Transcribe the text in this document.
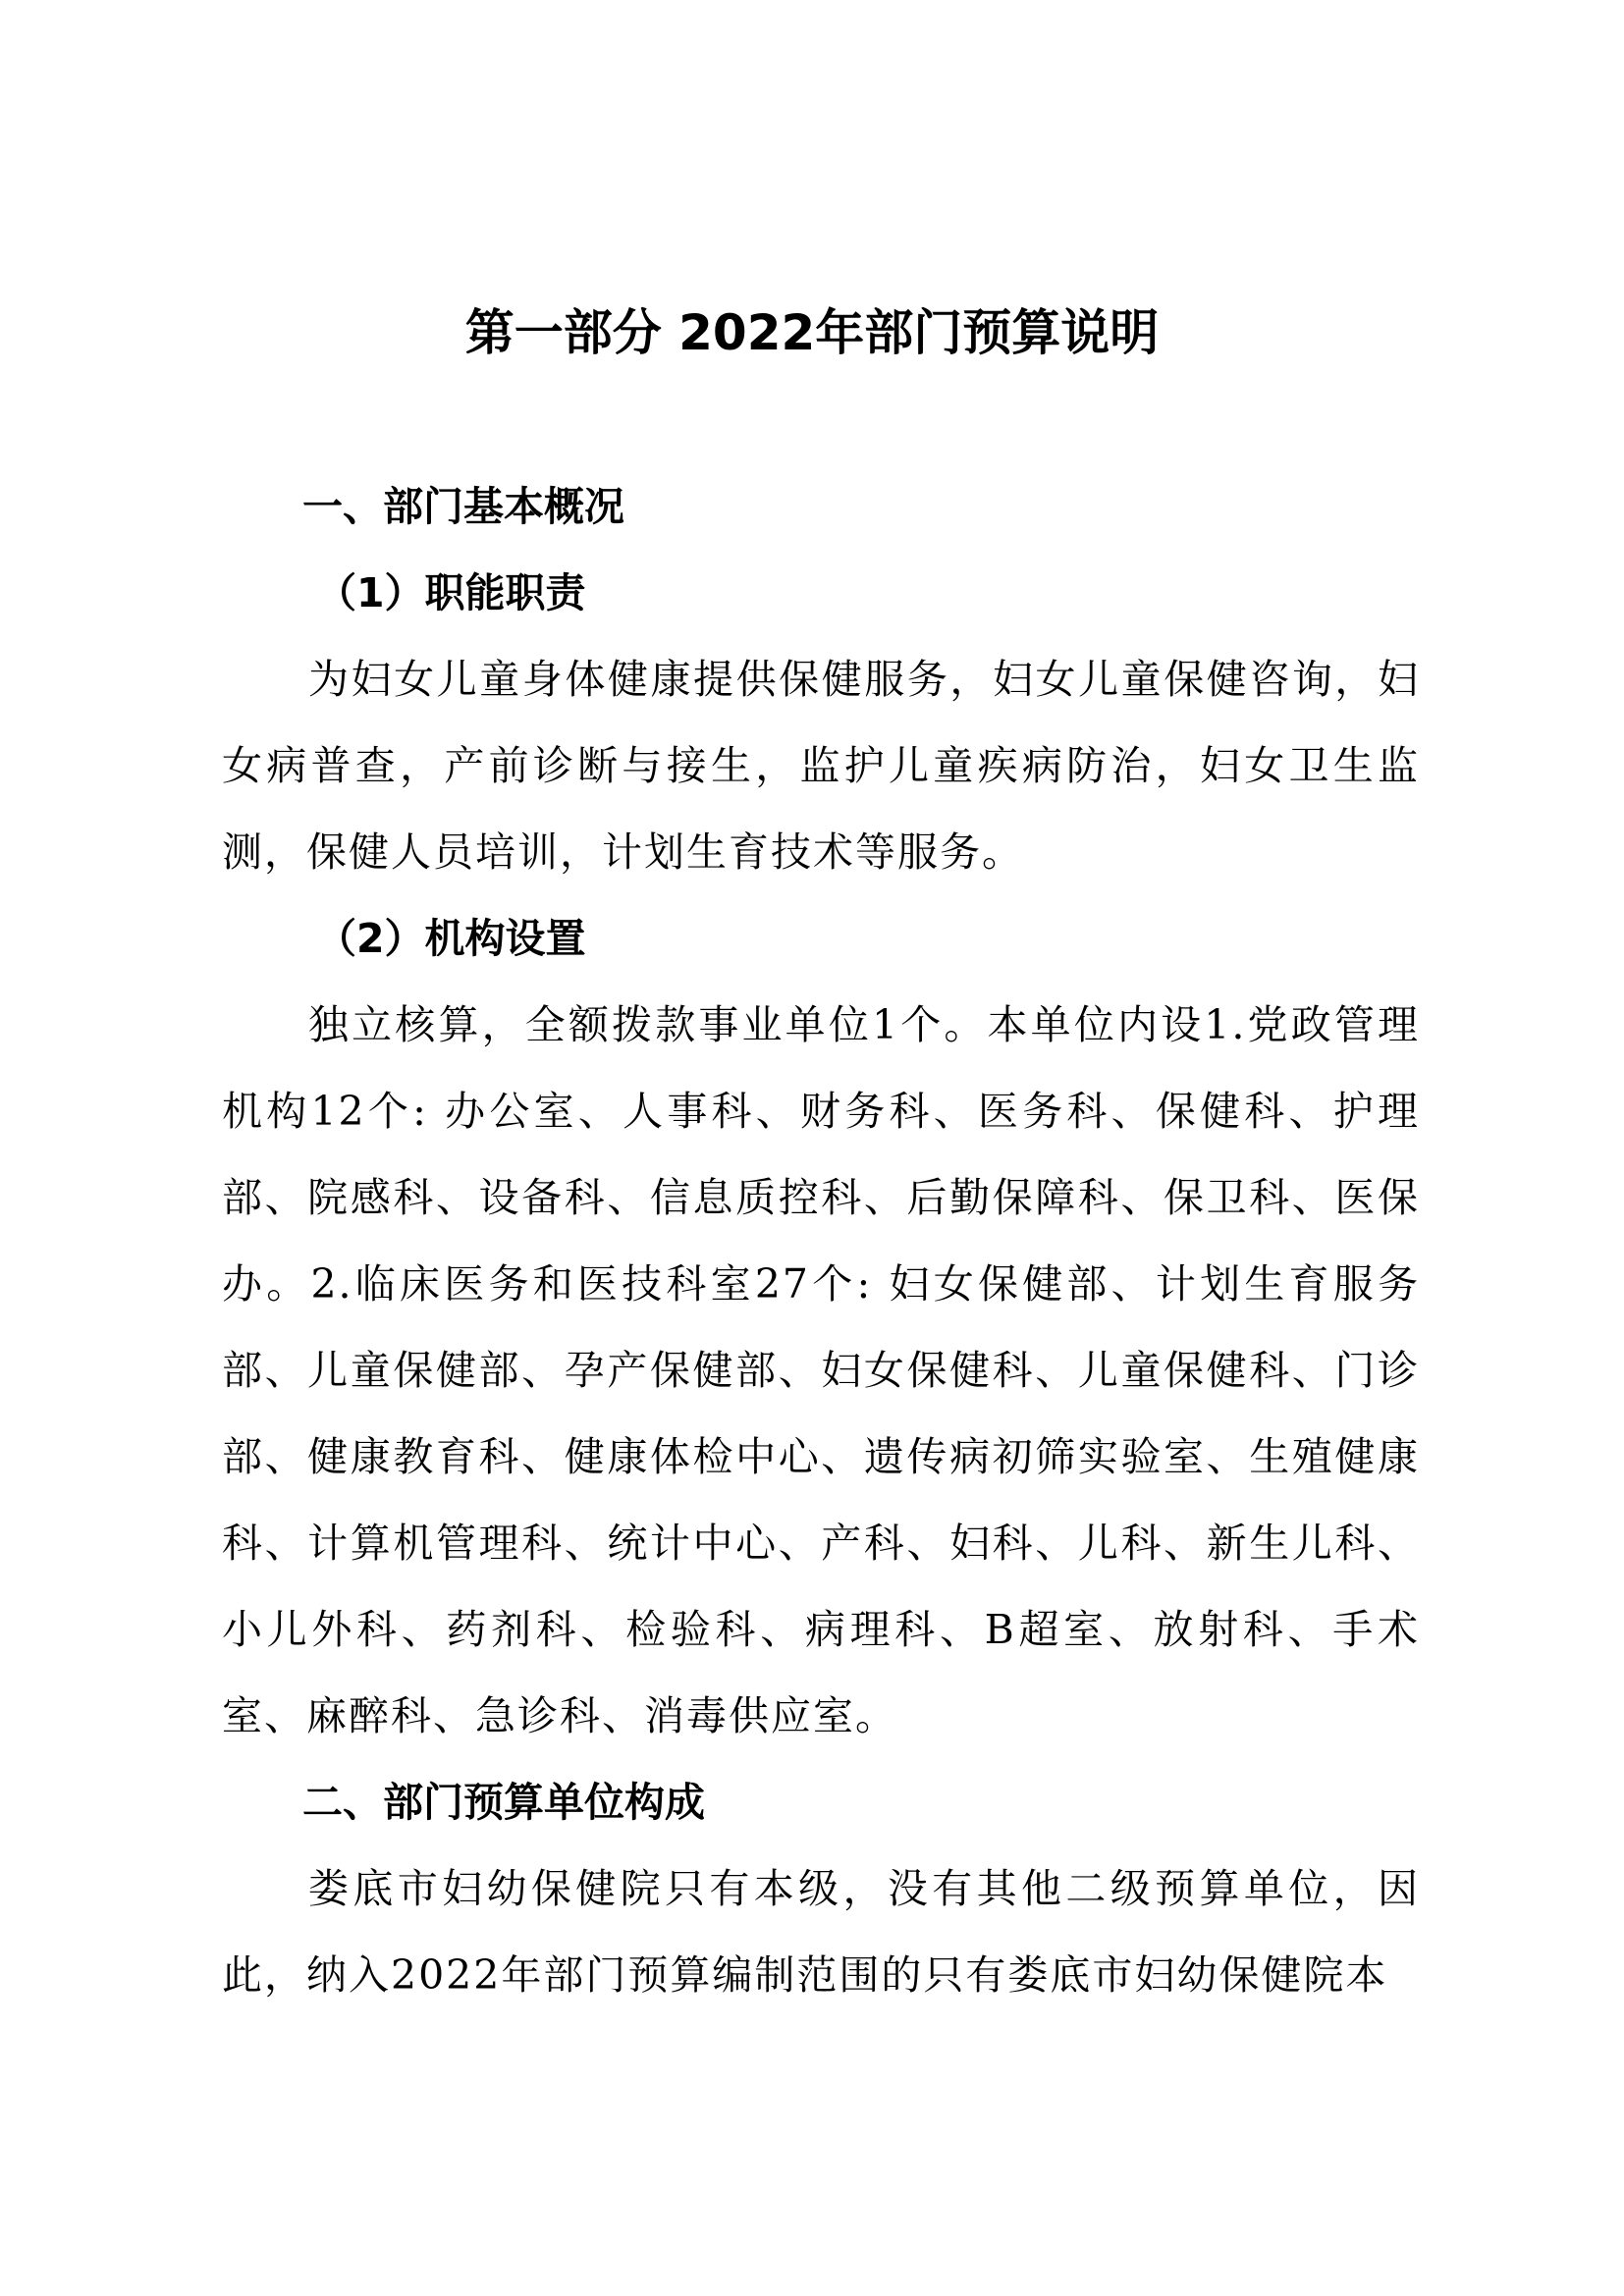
第一部分 2022年部门预算说明
一、部门基本概况
（1）职能职责

为妇女儿童身体健康提供保健服务，妇女儿童保健咨询，妇女病普查，产前诊断与接生，监护儿童疾病防治，妇女卫生监测，保健人员培训，计划生育技术等服务。

（2）机构设置

独立核算，全额拨款事业单位1个。本单位内设1.党政管理机构12个: 办公室、人事科、财务科、医务科、保健科、护理部、院感科、设备科、信息质控科、后勤保障科、保卫科、医保办。2.临床医务和医技科室27个: 妇女保健部、计划生育服务部、儿童保健部、孕产保健部、妇女保健科、儿童保健科、门诊部、健康教育科、健康体检中心、遗传病初筛实验室、生殖健康科、计算机管理科、统计中心、产科、妇科、儿科、新生儿科、小儿外科、药剂科、检验科、病理科、B超室、放射科、手术室、麻醉科、急诊科、消毒供应室。

二、部门预算单位构成

娄底市妇幼保健院只有本级，没有其他二级预算单位，因此，纳入2022年部门预算编制范围的只有娄底市妇幼保健院本
